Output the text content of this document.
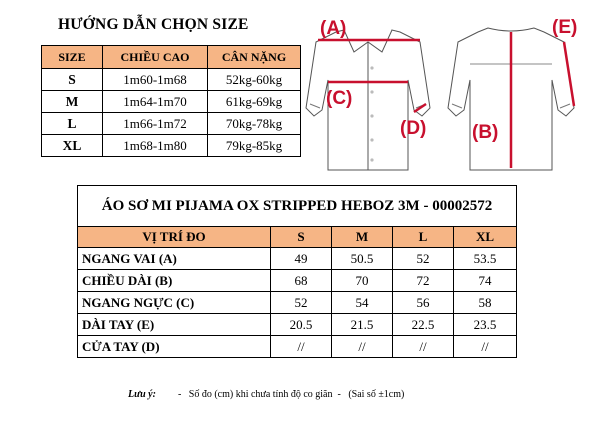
HƯỚNG DẪN CHỌN SIZE
SIZE	CHIỀU CAO	CÂN NẶNG
S	1m60-1m68	52kg-60kg
M	1m64-1m70	61kg-69kg
L	1m66-1m72	70kg-78kg
XL	1m68-1m80	79kg-85kg
(A)
(C)
(D)
(E)
(B)
ÁO SƠ MI PIJAMA OX STRIPPED HEBOZ 3M - 00002572				
VỊ TRÍ ĐO	S	M	L	XL
NGANG VAI (A)	49	50.5	52	53.5
CHIỀU DÀI (B)	68	70	72	74
NGANG NGỰC (C)	52	54	56	58
DÀI TAY (E)	20.5	21.5	22.5	23.5
CỬA TAY (D)	//	//	//	//
Lưu ý: -   Số đo (cm) khi chưa tính độ co giãn  -   (Sai số ±1cm)
